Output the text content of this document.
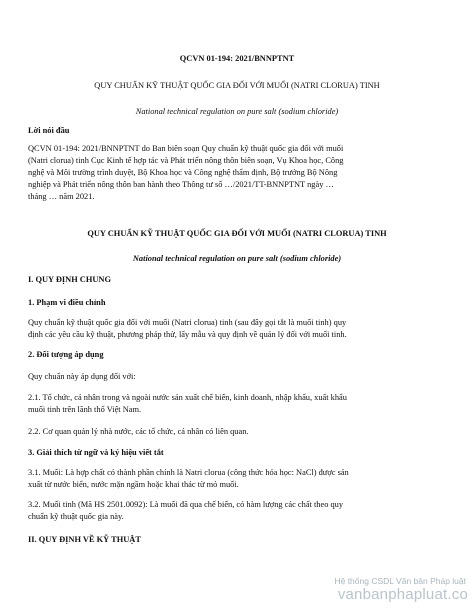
QCVN 01-194: 2021/BNNPTNT

QUY CHUẨN KỸ THUẬT QUỐC GIA ĐỐI VỚI MUỐI (NATRI CLORUA) TINH

National technical regulation on pure salt (sodium chloride)

Lời nói đầu

QCVN 01-194: 2021/BNNPTNT do Ban biên soạn Quy chuẩn kỹ thuật quốc gia đối với muối
(Natri clorua) tinh Cục Kinh tế hợp tác và Phát triển nông thôn biên soạn, Vụ Khoa học, Công
nghệ và Môi trường trình duyệt, Bộ Khoa học và Công nghệ thẩm định, Bộ trưởng Bộ Nông
nghiệp và Phát triển nông thôn ban hành theo Thông tư số …/2021/TT-BNNPTNT ngày …
tháng … năm 2021.

QUY CHUẨN KỸ THUẬT QUỐC GIA ĐỐI VỚI MUỐI (NATRI CLORUA) TINH

National technical regulation on pure salt (sodium chloride)

I. QUY ĐỊNH CHUNG

1. Phạm vi điều chỉnh

Quy chuẩn kỹ thuật quốc gia đối với muối (Natri clorua) tinh (sau đây gọi tắt là muối tinh) quy
định các yêu cầu kỹ thuật, phương pháp thử, lấy mẫu và quy định về quản lý đối với muối tinh.

2. Đối tượng áp dụng

Quy chuẩn này áp dụng đối với:

2.1. Tổ chức, cá nhân trong và ngoài nước sản xuất chế biến, kinh doanh, nhập khẩu, xuất khẩu
muối tinh trên lãnh thổ Việt Nam.

2.2. Cơ quan quản lý nhà nước, các tổ chức, cá nhân có liên quan.

3. Giải thích từ ngữ và ký hiệu viết tắt

3.1. Muối: Là hợp chất có thành phần chính là Natri clorua (công thức hóa học: NaCl) được sản
xuất từ nước biển, nước mặn ngầm hoặc khai thác từ mỏ muối.
3.2. Muối tinh (Mã HS 2501.0092): Là muối đã qua chế biến, có hàm lượng các chất theo quy
chuẩn kỹ thuật quốc gia này.

II. QUY ĐỊNH VỀ KỸ THUẬT

Hệ thống CSDL Văn bản Pháp luật
vanbanphapluat.co
